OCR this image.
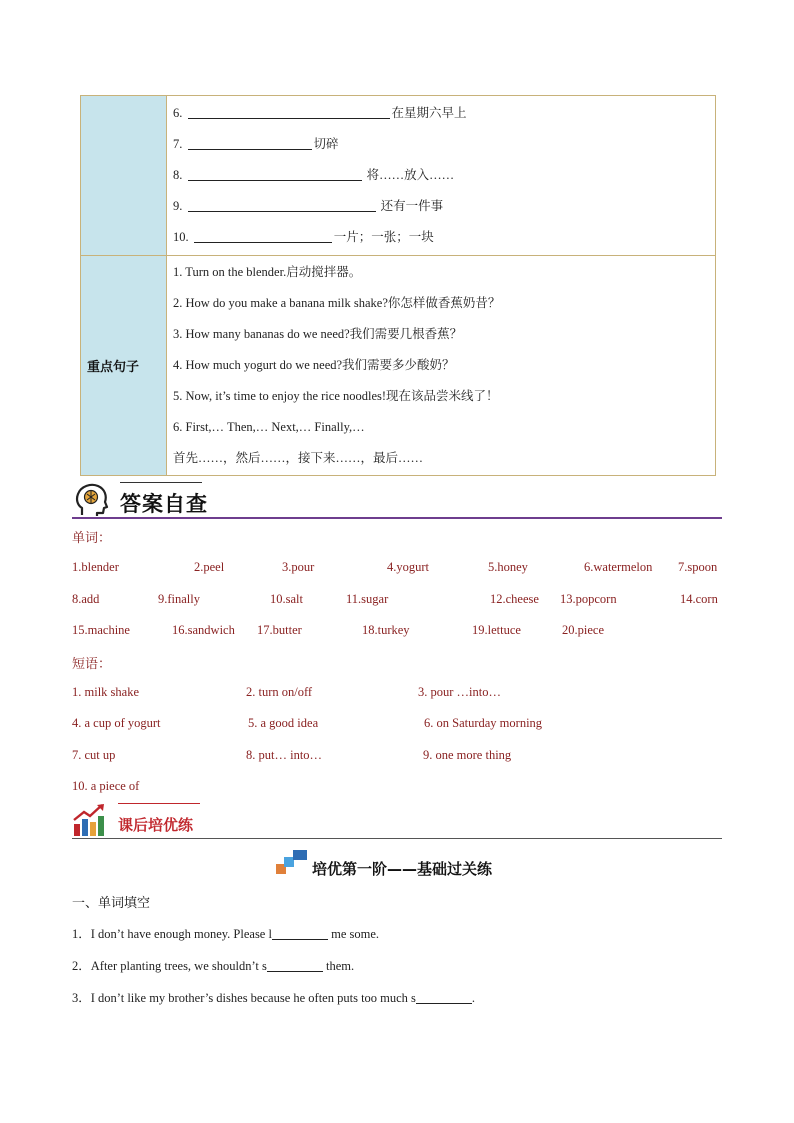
6.	在星期六早上
7.	切碎
8.	将……放入……
9.	还有一件事
10.	一片；一张；一块
重点句子
1. Turn on the blender.启动搅拌器。
2. How do you make a banana milk shake?你怎样做香蕉奶昔？
3. How many bananas do we need?我们需要几根香蕉？
4. How much yogurt do we need?我们需要多少酸奶？
5. Now, it’s time to enjoy the rice noodles!现在该品尝米线了！
6. First,… Then,… Next,… Finally,…
首先……，然后……，接下来……，最后……
答案自查
单词：
1.blender	2.peel	3.pour	4.yogurt	5.honey	6.watermelon 7.spoon
8.add	9.finally	10.salt	11.sugar	12.cheese 13.popcorn	14.corn
15.machine	16.sandwich 17.butter	18.turkey	19.lettuce	20.piece
短语：
1. milk shake	2. turn on/off	3. pour …into…
4. a cup of yogurt	5. a good idea	6. on Saturday morning
7. cut up	8. put… into…	9. one more thing
10. a piece of
课后培优练
培优第一阶——基础过关练
一、单词填空
1．I don’t have enough money. Please l	me some.
2．After planting trees, we shouldn’t s	them.
3．I don’t like my brother’s dishes because he often puts too much s	.
